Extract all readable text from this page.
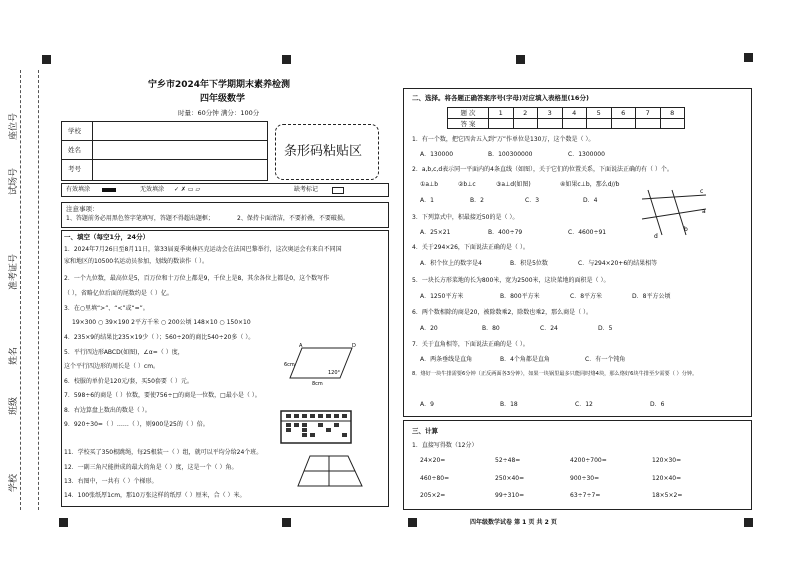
座位号
试场号
准考证号
姓名
班级
学校
宁乡市2024年下学期期末素养检测
四年级数学
时量：60分钟 满分：100分
学校
姓名
考号
条形码粘贴区
有效填涂	无效填涂 ✓ ✗ ▭ ▱	缺考标记
注意事项：
1、答题前务必用黑色签字笔填写，答题不得超出题框；	2、保持卡面清洁，不要折叠，不要破损。
一、填空（每空1分，24分）
1．2024年7月26日至8月11日，第33届夏季奥林匹克运动会在法国巴黎举行，这次奥运会有来自不同国
家和地区的10500名运动员参加，划线的数读作（ ）。
2．一个九位数，最高位是5，百万位和十万位上都是9，千位上是8，其余各位上都是0，这个数写作
（ ），省略亿位后面的尾数约是（ ）亿。
3．在○里填“>”、“<”或“=”。
19×300 ○ 39×190 2平方千米 ○ 200公顷 148×10 ○ 150×10
4．235×9的结果比235×19少（ ）；560÷20的商比540÷20多（ ）。
5．平行四边形ABCD(如图)，∠α=（ ）度，
这个平行四边形的周长是（ ）cm。
6．校服的单价是120元/套，买50套要（ ）元。
7．598÷6的商是（ ）位数，要使756÷□的商是一位数，□最小是（ ）。
8．右边算盘上数出的数是（ ）。
9．920÷30=（ ）……（ ），则900是25的（ ）倍。
11．学校买了350根跳绳，每25根装一（ ）组，就可以平均分给24个班。
12．一副三角尺能拼成的最大的角是（ ）度，这是一个（ ）角。
13．右图中，一共有（ ）个梯形。
14．100张纸厚1cm，那10万张这样的纸厚（ ）厘米，合（ ）米。
6cm
8cm
120°
A	D
二、选择。将各题正确答案序号(字母)对应填入表格里(16分)
题 次	1	2	3	4	5	6	7	8
答 案								
1．有一个数，把它四舍五入到“万”作单位是130万，这个数是（ ）。
A．130000	B．100300000	C．1300000
2．a,b,c,d表示同一平面内的4条直线（如图），关于它们的位置关系，下面说法正确的有（ ）个。
①a⊥b	②b⊥c	③a⊥d(如图)	④如果c⊥b，那么d//b
A．1	B．2	C．3	D．4
c
a
d
b
3．下列算式中，积最接近50的是（ ）。
A．25×21	B．400÷79	C．4600÷91
4．关于294×26，下面说法正确的是（ ）。
A．积个位上的数字是4	B．积是5位数	C．与294×20+6的结果相等
5．一块长方形菜地的长为800米，宽为2500米，这块菜地的面积是（ ）。
A．1250平方米	B．800平方米	C．8平方米	D．8平方公顷
6．两个数相除的商是20，被除数乘2，除数也乘2，那么商是（ ）。
A．20	B．80	C．24	D．5
7．关于直角相等，下面说法正确的是（ ）。
A．两条垂线是直角	B．4个角都是直角	C．有一个钝角
8．烙好一块牛排需要6分钟（正反两面各3分钟），如果一块锅里最多只能同时烙4块，那么烙好6块牛排至少需要（ ）分钟。
A．9	B．18	C．12	D．6
三、计算
1．直接写得数（12分）
24×20=	52÷48=	4200÷700=	120×30=
460÷80=	250×40=	900÷30=	120×40=
205×2=	99÷310=	63÷7÷7=	18×5×2=
四年级数学试卷 第 1 页 共 2 页
